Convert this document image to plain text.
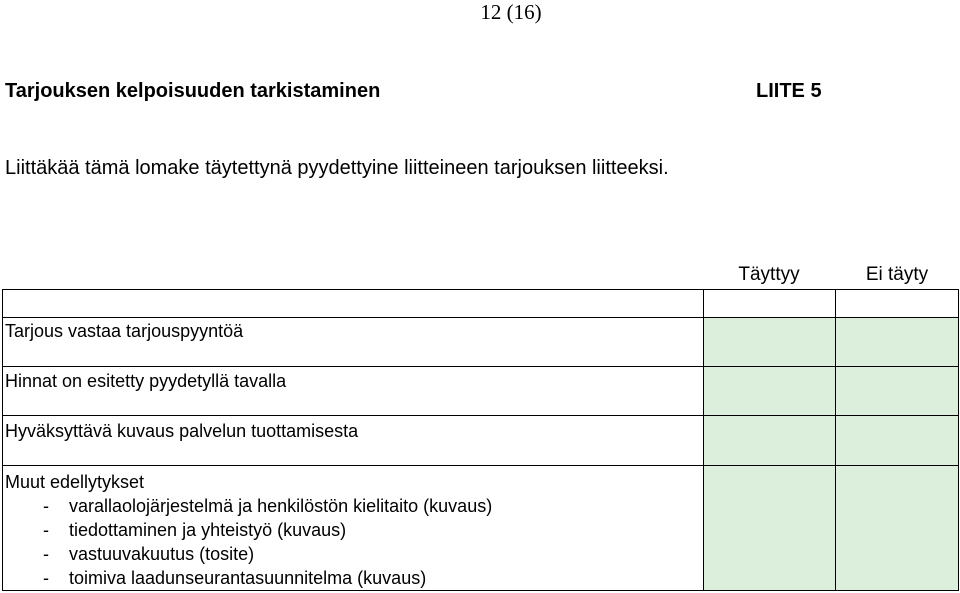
12 (16)
Tarjouksen kelpoisuuden tarkistaminen	LIITE 5
Liittäkää tämä lomake täytettynä pyydettyine liitteineen tarjouksen liitteeksi.
Täyttyy	Ei täyty
Tarjous vastaa tarjouspyyntöä
Hinnat on esitetty pyydetyllä tavalla
Hyväksyttävä kuvaus palvelun tuottamisesta
Muut edellytykset
- varallaolojärjestelmä ja henkilöstön kielitaito (kuvaus)
- tiedottaminen ja yhteistyö (kuvaus)
- vastuuvakuutus (tosite)
- toimiva laadunseurantasuunnitelma (kuvaus)
